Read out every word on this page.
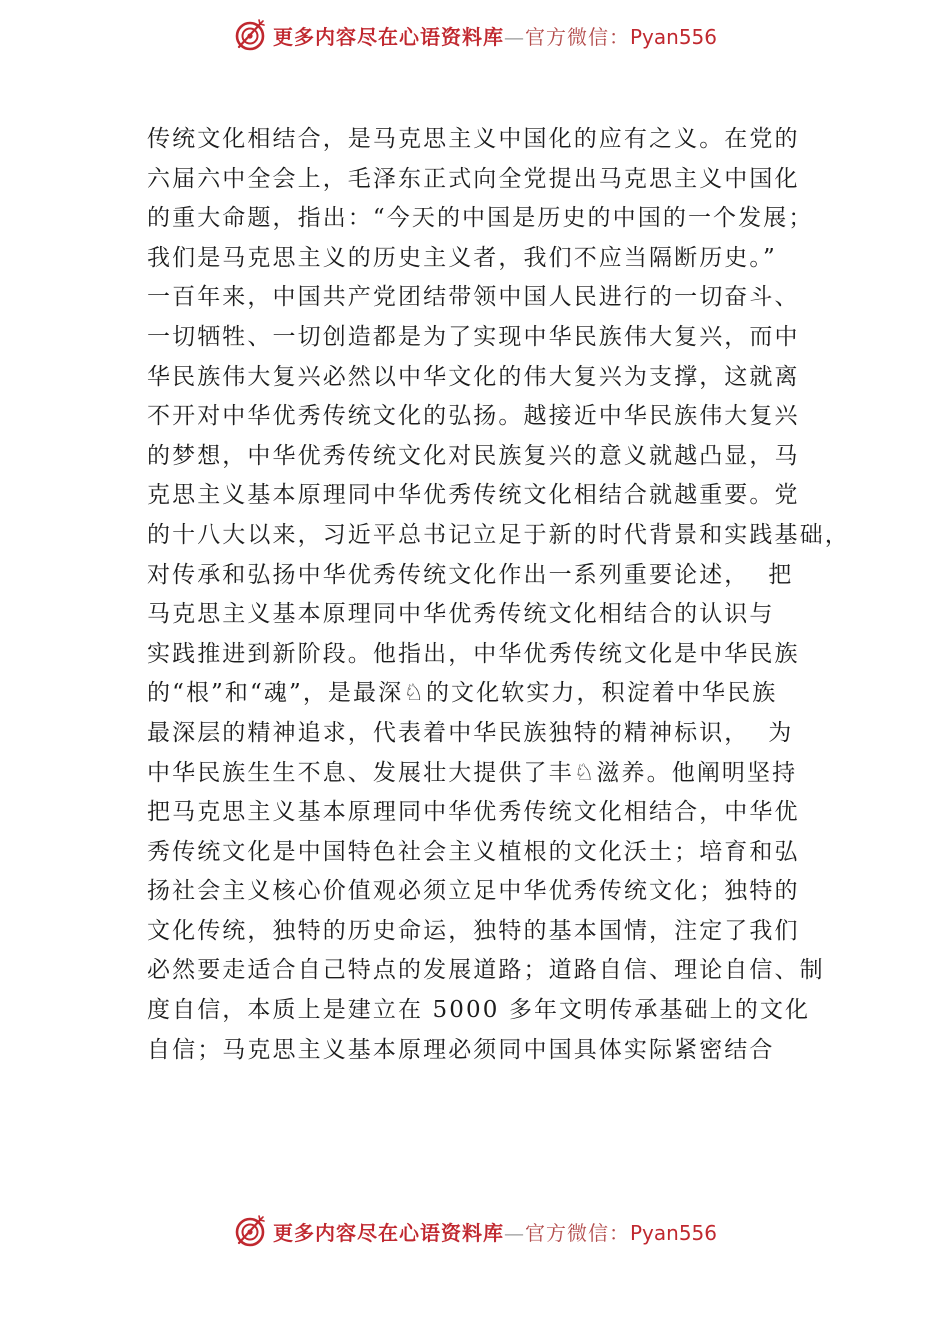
更多内容尽在心语资料库—官方微信：Pyan556
传统文化相结合，是马克思主义中国化的应有之义。在党的
六届六中全会上，毛泽东正式向全党提出马克思主义中国化
的重大命题，指出：“今天的中国是历史的中国的一个发展；
我们是马克思主义的历史主义者，我们不应当隔断历史。”
一百年来，中国共产党团结带领中国人民进行的一切奋斗、
一切牺牲、一切创造都是为了实现中华民族伟大复兴，而中
华民族伟大复兴必然以中华文化的伟大复兴为支撑，这就离
不开对中华优秀传统文化的弘扬。越接近中华民族伟大复兴
的梦想，中华优秀传统文化对民族复兴的意义就越凸显，马
克思主义基本原理同中华优秀传统文化相结合就越重要。党
的十八大以来，习近平总书记立足于新的时代背景和实践基础，
对传承和弘扬中华优秀传统文化作出一系列重要论述，  把
马克思主义基本原理同中华优秀传统文化相结合的认识与
实践推进到新阶段。他指出，中华优秀传统文化是中华民族
的“根”和“魂”，是最深♘的文化软实力，积淀着中华民族
最深层的精神追求，代表着中华民族独特的精神标识，  为
中华民族生生不息、发展壮大提供了丰♘滋养。他阐明坚持
把马克思主义基本原理同中华优秀传统文化相结合，中华优
秀传统文化是中国特色社会主义植根的文化沃土；培育和弘
扬社会主义核心价值观必须立足中华优秀传统文化；独特的
文化传统，独特的历史命运，独特的基本国情，注定了我们
必然要走适合自己特点的发展道路；道路自信、理论自信、制
度自信，本质上是建立在 5000 多年文明传承基础上的文化
自信；马克思主义基本原理必须同中国具体实际紧密结合
更多内容尽在心语资料库—官方微信：Pyan556
